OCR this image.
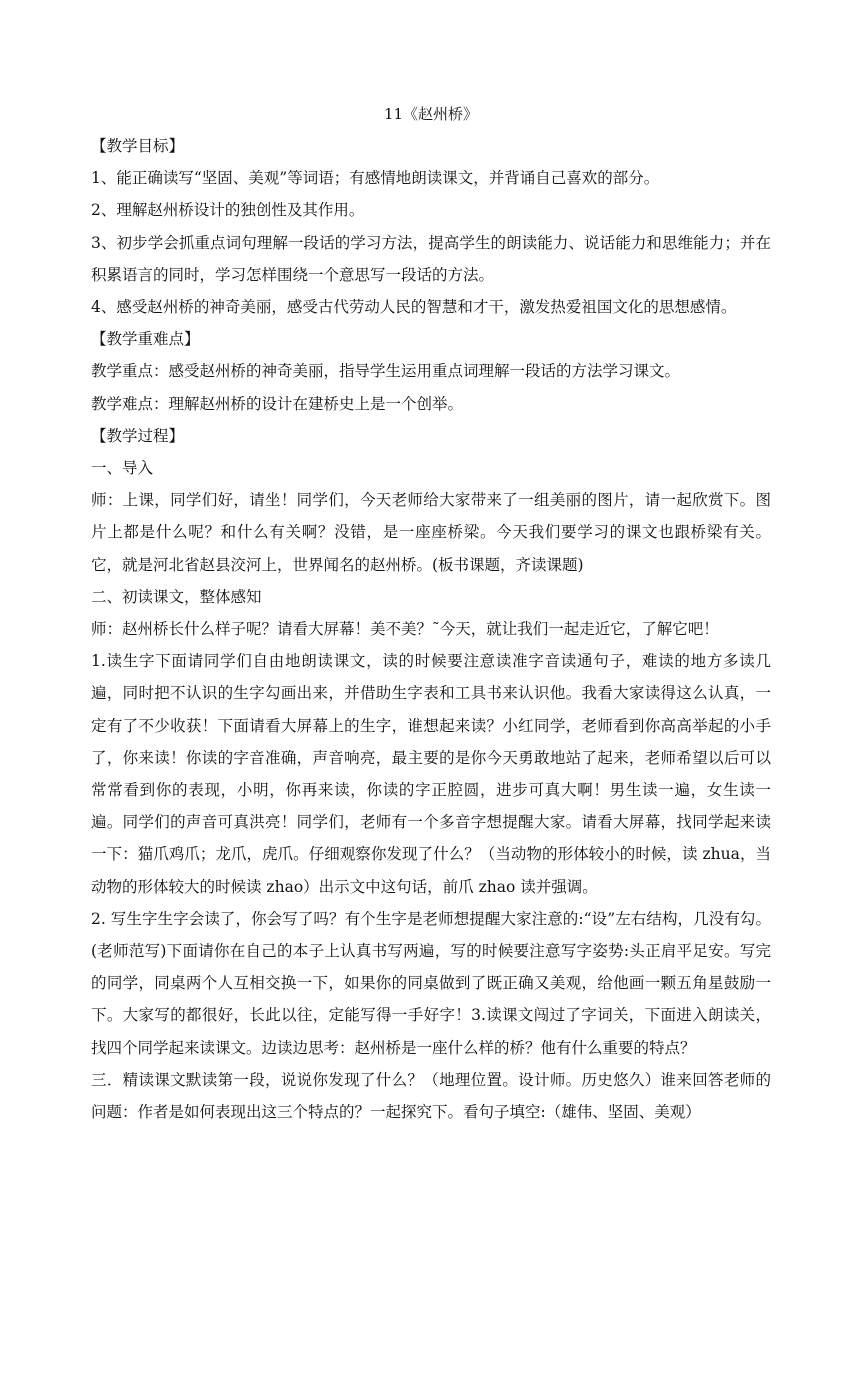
11《赵州桥》

【教学目标】

1、能正确读写“坚固、美观”等词语；有感情地朗读课文，并背诵自己喜欢的部分。

2、理解赵州桥设计的独创性及其作用。

3、初步学会抓重点词句理解一段话的学习方法，提高学生的朗读能力、说话能力和思维能力；并在积累语言的同时，学习怎样围绕一个意思写一段话的方法。

4、感受赵州桥的神奇美丽，感受古代劳动人民的智慧和才干，激发热爱祖国文化的思想感情。

【教学重难点】

教学重点：感受赵州桥的神奇美丽，指导学生运用重点词理解一段话的方法学习课文。

教学难点：理解赵州桥的设计在建桥史上是一个创举。

【教学过程】

一、导入

师：上课，同学们好，请坐！同学们，今天老师给大家带来了一组美丽的图片，请一起欣赏下。图片上都是什么呢？和什么有关啊？没错，是一座座桥梁。今天我们要学习的课文也跟桥梁有关。它，就是河北省赵县洨河上，世界闻名的赵州桥。(板书课题，齐读课题)

二、初读课文，整体感知

师：赵州桥长什么样子呢？请看大屏幕！美不美？˜今天，就让我们一起走近它，了解它吧！

1.读生字下面请同学们自由地朗读课文，读的时候要注意读准字音读通句子，难读的地方多读几遍，同时把不认识的生字勾画出来，并借助生字表和工具书来认识他。我看大家读得这么认真，一定有了不少收获！下面请看大屏幕上的生字，谁想起来读？小红同学，老师看到你高高举起的小手了，你来读！你读的字音准确，声音响亮，最主要的是你今天勇敢地站了起来，老师希望以后可以常常看到你的表现，小明，你再来读，你读的字正腔圆，进步可真大啊！男生读一遍，女生读一遍。同学们的声音可真洪亮！同学们，老师有一个多音字想提醒大家。请看大屏幕，找同学起来读一下：猫爪鸡爪；龙爪，虎爪。仔细观察你发现了什么？（当动物的形体较小的时候，读 zhua，当动物的形体较大的时候读 zhao）出示文中这句话，前爪 zhao 读并强调。

2. 写生字生字会读了，你会写了吗？有个生字是老师想提醒大家注意的:“设”左右结构，几没有勾。(老师范写)下面请你在自己的本子上认真书写两遍，写的时候要注意写字姿势:头正肩平足安。写完的同学，同桌两个人互相交换一下，如果你的同桌做到了既正确又美观，给他画一颗五角星鼓励一下。大家写的都很好，长此以往，定能写得一手好字！3.读课文闯过了字词关，下面进入朗读关，找四个同学起来读课文。边读边思考：赵州桥是一座什么样的桥？他有什么重要的特点？

三．精读课文默读第一段，说说你发现了什么？（地理位置。设计师。历史悠久）谁来回答老师的问题：作者是如何表现出这三个特点的？一起探究下。看句子填空:（雄伟、坚固、美观）
